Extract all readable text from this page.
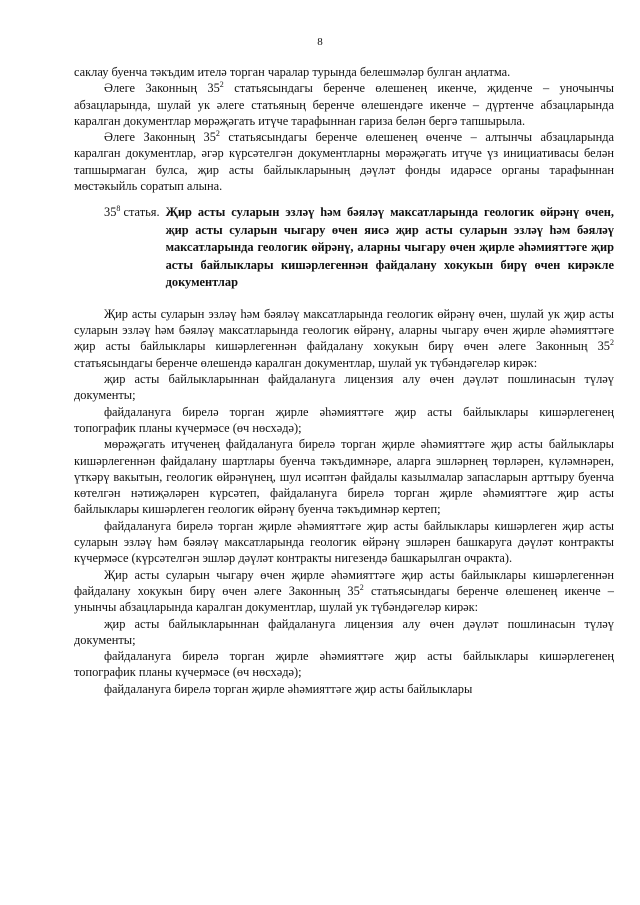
8

саклау буенча тәкъдим ителә торган чаралар турында белешмәләр булган аңлатма.

Әлеге Законның $35^2$ статьясындагы беренче өлешенең икенче, җиденче – уночынчы абзацларында, шулай ук әлеге статьяның беренче өлешендәге икенче – дүртенче абзацларында каралган документлар мөрәҗәгать итүче тарафыннан гариза белән бергә тапшырыла.

Әлеге Законның $35^2$ статьясындагы беренче өлешенең өченче – алтынчы абзацларында каралган документлар, әгәр күрсәтелгән документларны мөрәҗәгать итүче үз инициативасы белән тапшырмаган булса, җир асты байлыкларының дәүләт фонды идарәсе органы тарафыннан мөстәкыйль соратып алына.

$35^8$ статья. Җир асты суларын эзләү һәм бәяләү максатларында геологик өйрәнү өчен, җир асты суларын чыгару өчен яисә җир асты суларын эзләү һәм бәяләү максатларында геологик өйрәнү, аларны чыгару өчен җирле әһәмияттәге җир асты байлыклары кишәрлегеннән файдалану хокукын бирү өчен кирәкле документлар

Җир асты суларын эзләү һәм бәяләү максатларында геологик өйрәнү өчен, шулай ук җир асты суларын эзләү һәм бәяләү максатларында геологик өйрәнү, аларны чыгару өчен җирле әһәмияттәге җир асты байлыклары кишәрлегеннән файдалану хокукын бирү өчен әлеге Законның $35^2$ статьясындагы беренче өлешендә каралган документлар, шулай ук түбәндәгеләр кирәк:

җир асты байлыкларыннан файдалануга лицензия алу өчен дәүләт пошлинасын түләү документы;

файдалануга бирелә торган җирле әһәмияттәге җир асты байлыклары кишәрлегенең топографик планы күчермәсе (өч нөсхәдә);

мөрәҗәгать итүченең файдалануга бирелә торган җирле әһәмияттәге җир асты байлыклары кишәрлегеннән файдалану шартлары буенча тәкъдимнәре, аларга эшләрнең төрләрен, күләмнәрен, үткәрү вакытын, геологик өйрәнүнең, шул исәптән файдалы казылмалар запасларын арттыру буенча көтелгән нәтиҗәләрен күрсәтеп, файдалануга бирелә торган җирле әһәмияттәге җир асты байлыклары кишәрлеген геологик өйрәнү буенча тәкъдимнәр кертеп;

файдалануга бирелә торган җирле әһәмияттәге җир асты байлыклары кишәрлеген җир асты суларын эзләү һәм бәяләү максатларында геологик өйрәнү эшләрен башкаруга дәүләт контракты күчермәсе (күрсәтелгән эшләр дәүләт контракты нигезендә башкарылган очракта).

Җир асты суларын чыгару өчен җирле әһәмияттәге җир асты байлыклары кишәрлегеннән файдалану хокукын бирү өчен әлеге Законның $35^2$ статьясындагы беренче өлешенең икенче – унынчы абзацларында каралган документлар, шулай ук түбәндәгеләр кирәк:

җир асты байлыкларыннан файдалануга лицензия алу өчен дәүләт пошлинасын түләү документы;

файдалануга бирелә торган җирле әһәмияттәге җир асты байлыклары кишәрлегенең топографик планы күчермәсе (өч нөсхәдә);

файдалануга бирелә торган җирле әһәмияттәге җир асты байлыклары
